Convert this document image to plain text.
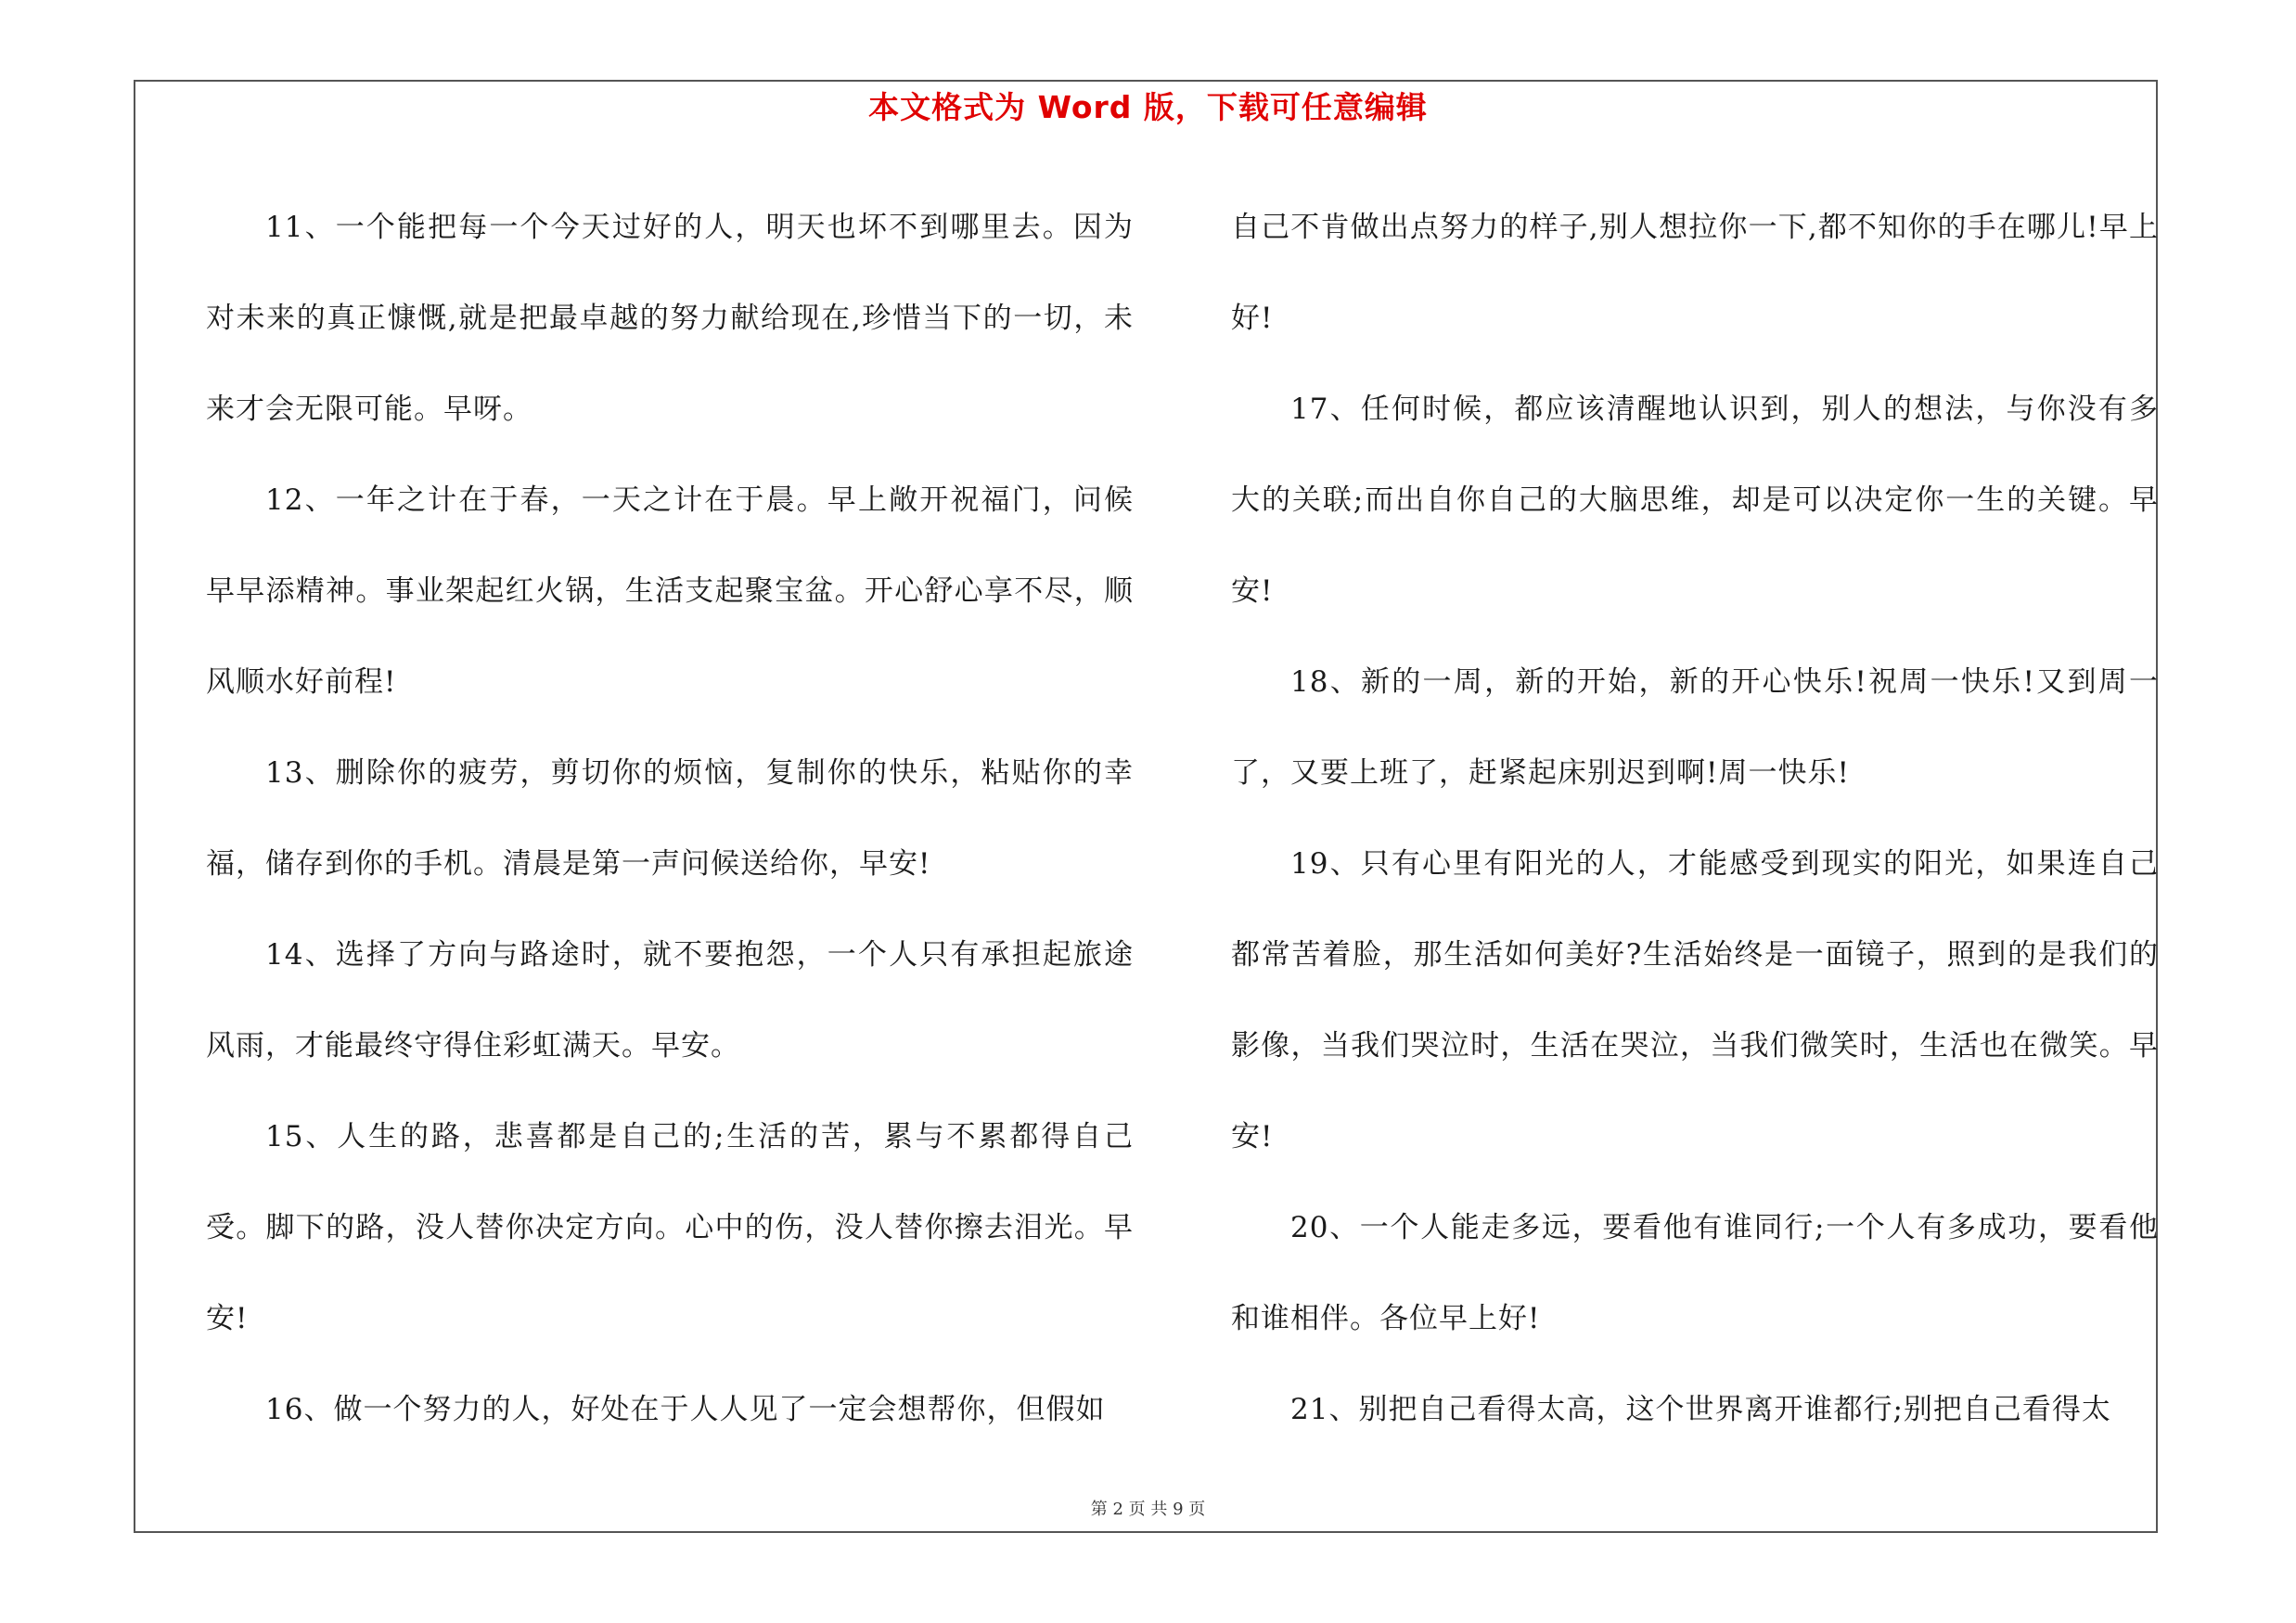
本文格式为 Word 版，下载可任意编辑

11、一个能把每一个今天过好的人，明天也坏不到哪里去。因为对未来的真正慷慨,就是把最卓越的努力献给现在,珍惜当下的一切，未来才会无限可能。早呀。

12、一年之计在于春，一天之计在于晨。早上敞开祝福门，问候早早添精神。事业架起红火锅，生活支起聚宝盆。开心舒心享不尽，顺风顺水好前程!

13、删除你的疲劳，剪切你的烦恼，复制你的快乐，粘贴你的幸福，储存到你的手机。清晨是第一声问候送给你，早安!

14、选择了方向与路途时，就不要抱怨，一个人只有承担起旅途风雨，才能最终守得住彩虹满天。早安。

15、人生的路，悲喜都是自己的;生活的苦，累与不累都得自己受。脚下的路，没人替你决定方向。心中的伤，没人替你擦去泪光。早安!

16、做一个努力的人，好处在于人人见了一定会想帮你，但假如

自己不肯做出点努力的样子,别人想拉你一下,都不知你的手在哪儿!早上好!

17、任何时候，都应该清醒地认识到，别人的想法，与你没有多大的关联;而出自你自己的大脑思维，却是可以决定你一生的关键。早安!

18、新的一周，新的开始，新的开心快乐!祝周一快乐!又到周一了，又要上班了，赶紧起床别迟到啊!周一快乐!

19、只有心里有阳光的人，才能感受到现实的阳光，如果连自己都常苦着脸，那生活如何美好?生活始终是一面镜子，照到的是我们的影像，当我们哭泣时，生活在哭泣，当我们微笑时，生活也在微笑。早安!

20、一个人能走多远，要看他有谁同行;一个人有多成功，要看他和谁相伴。各位早上好!

21、别把自己看得太高，这个世界离开谁都行;别把自己看得太

第 2 页 共 9 页
